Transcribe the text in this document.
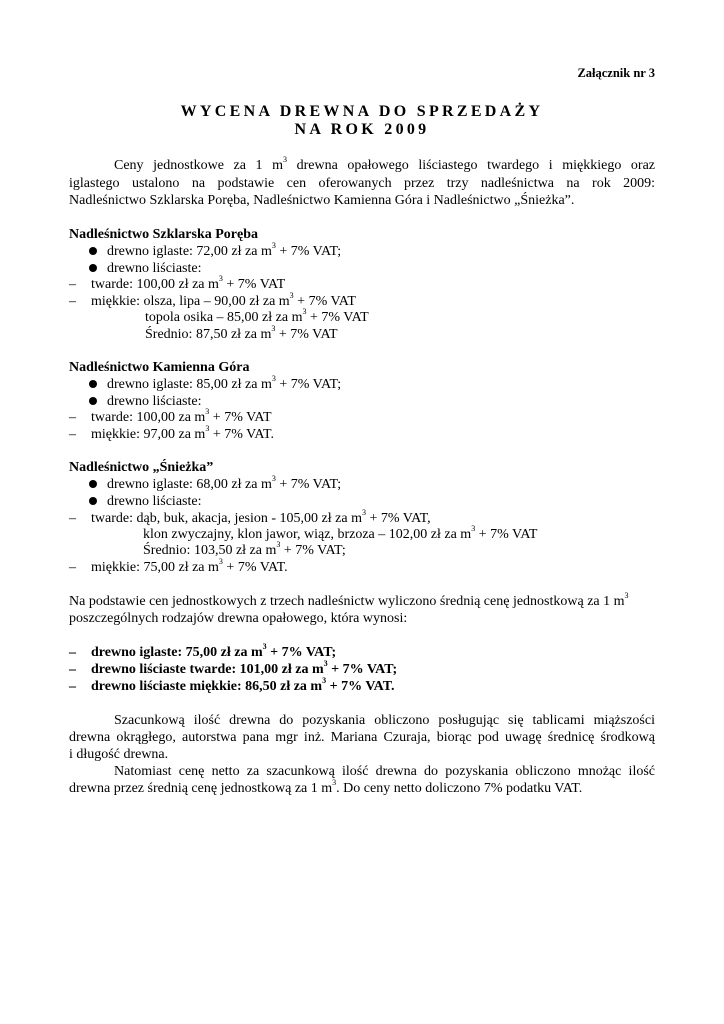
Załącznik nr 3
WYCENA DREWNA DO SPRZEDAŻY
NA ROK 2009
Ceny jednostkowe za 1 $m^3$ drewna opałowego liściastego twardego i miękkiego oraz
iglastego ustalono na podstawie cen oferowanych przez trzy nadleśnictwa na rok 2009:
Nadleśnictwo Szklarska Poręba, Nadleśnictwo Kamienna Góra i Nadleśnictwo „Śnieżka”.
Nadleśnictwo Szklarska Poręba
drewno iglaste: 72,00 zł za $m^3 + 7\%$ VAT;
drewno liściaste:
– twarde: 100,00 zł za $m^3 + 7\%$ VAT
– miękkie: olsza, lipa – 90,00 zł za $m^3 + 7\%$ VAT
topola osika – 85,00 zł za $m^3 + 7\%$ VAT
Średnio: 87,50 zł za $m^3 + 7\%$ VAT
Nadleśnictwo Kamienna Góra
drewno iglaste: 85,00 zł za $m^3 + 7\%$ VAT;
drewno liściaste:
– twarde: 100,00 za $m^3 + 7\%$ VAT
– miękkie: 97,00 za $m^3 + 7\%$ VAT.
Nadleśnictwo „Śnieżka”
drewno iglaste: 68,00 zł za $m^3 + 7\%$ VAT;
drewno liściaste:
– twarde: dąb, buk, akacja, jesion - 105,00 zł za $m^3 + 7\%$ VAT,
klon zwyczajny, klon jawor, wiąz, brzoza – 102,00 zł za $m^3 + 7\%$ VAT
Średnio: 103,50 zł za $m^3 + 7\%$ VAT;
– miękkie: 75,00 zł za $m^3 + 7\%$ VAT.
Na podstawie cen jednostkowych z trzech nadleśnictw wyliczono średnią cenę jednostkową za 1 $m^3$
poszczególnych rodzajów drewna opałowego, która wynosi:
– drewno iglaste: 75,00 zł za $m^3 + 7\%$ VAT;
– drewno liściaste twarde: 101,00 zł za $m^3 + 7\%$ VAT;
– drewno liściaste miękkie: 86,50 zł za $m^3 + 7\%$ VAT.
Szacunkową ilość drewna do pozyskania obliczono posługując się tablicami miąższości
drewna okrągłego, autorstwa pana mgr inż. Mariana Czuraja, biorąc pod uwagę średnicę środkową
i długość drewna.
Natomiast cenę netto za szacunkową ilość drewna do pozyskania obliczono mnożąc ilość
drewna przez średnią cenę jednostkową za 1 $m^3$. Do ceny netto doliczono 7% podatku VAT.
